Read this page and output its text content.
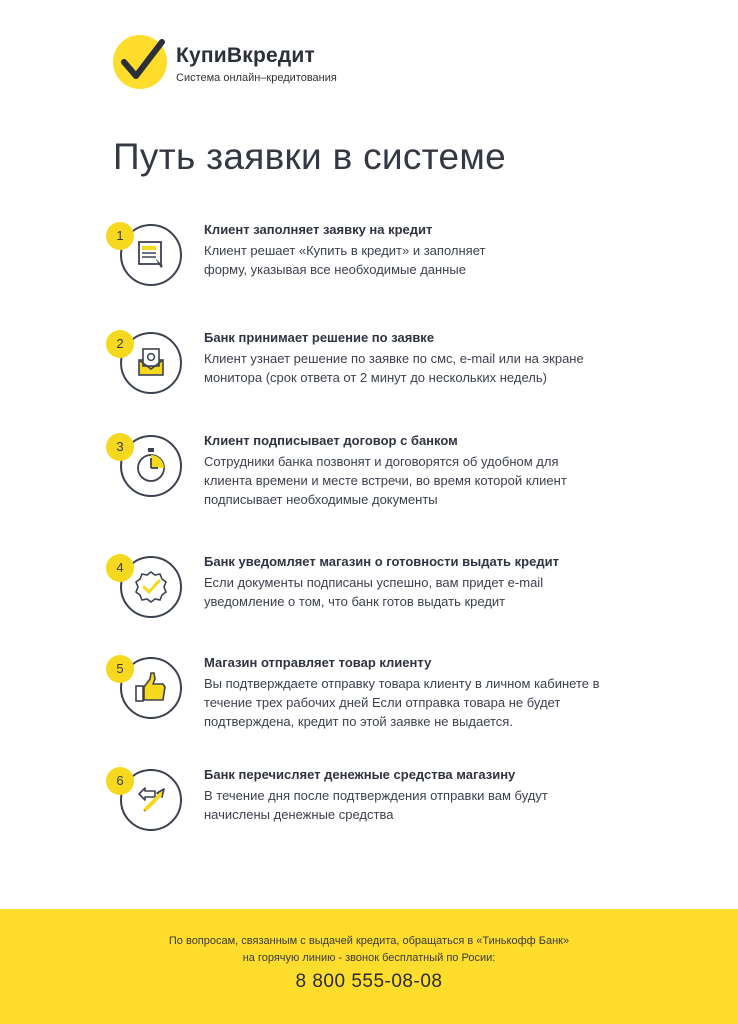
КупиВкредит
Система онлайн–кредитования
Путь заявки в системе
1	Клиент заполняет заявку на кредит
Клиент решает «Купить в кредит» и заполняет
форму, указывая все необходимые данные
2	Банк принимает решение по заявке
Клиент узнает решение по заявке по смс, e-mail или на экране
монитора (срок ответа от 2 минут до нескольких недель)
3	Клиент подписывает договор с банком
Сотрудники банка позвонят и договорятся об удобном для
клиента времени и месте встречи, во время которой клиент
подписывает необходимые документы
4	Банк уведомляет магазин о готовности выдать кредит
Если документы подписаны успешно, вам придет e-mail
уведомление о том, что банк готов выдать кредит
5	Магазин отправляет товар клиенту
Вы подтверждаете отправку товара клиенту в личном кабинете в
течение трех рабочих дней Если отправка товара не будет
подтверждена, кредит по этой заявке не выдается.
6	Банк перечисляет денежные средства магазину
В течение дня после подтверждения отправки вам будут
начислены денежные средства
По вопросам, связанным с выдачей кредита, обращаться в «Тинькофф Банк»
на горячую линию - звонок бесплатный по Росии:
8 800 555-08-08
